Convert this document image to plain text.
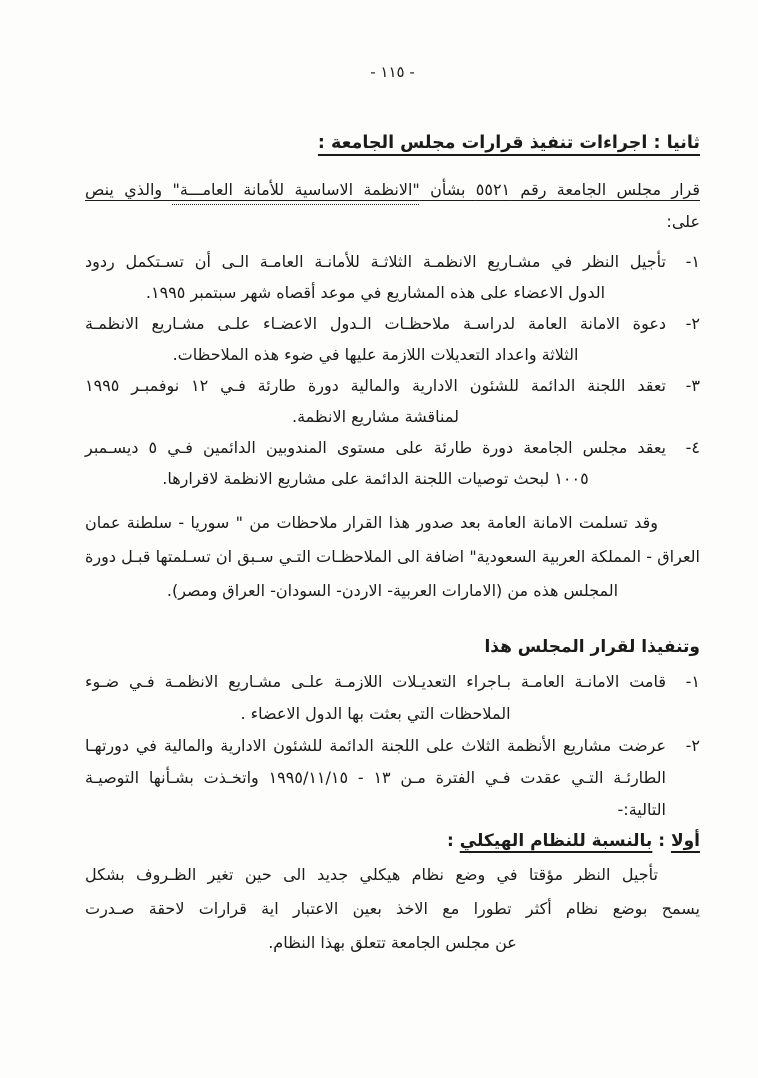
- ١١٥ -
ثانيا : اجراءات تنفيذ قرارات مجلس الجامعة :
قرار مجلس الجامعة رقم ٥٥٢١ بشأن "الانظمة الاساسية للأمانة العامـــة" والذي ينص
على:
١-
تأجيل النظر في مشـاريع الانظمـة الثلاثـة للأمانـة العامـة الـى أن تسـتكمل ردود
الدول الاعضاء على هذه المشاريع في موعد أقصاه شهر سبتمبر ١٩٩٥.
٢-
دعوة الامانة العامة لدراسـة ملاحظـات الـدول الاعضـاء علـى مشـاريع الانظمـة
الثلاثة واعداد التعديلات اللازمة عليها في ضوء هذه الملاحظات.
٣-
تعقد اللجنة الدائمة للشئون الادارية والمالية دورة طارئة فـي ١٢ نوفمبـر ١٩٩٥
لمناقشة مشاريع الانظمة.
٤-
يعقد مجلس الجامعة دورة طارئة على مستوى المندوبين الدائمين فـي ٥ ديسـمبر
١٠٠٥ لبحث توصيات اللجنة الدائمة على مشاريع الانظمة لاقرارها.
وقد تسلمت الامانة العامة بعد صدور هذا القرار ملاحظات من " سوريا - سلطنة عمان
العراق - المملكة العربية السعودية" اضافة الى الملاحظـات التـي سـبق ان تسـلمتها قبـل دورة
المجلس هذه من (الامارات العربية- الاردن- السودان- العراق ومصر).
وتنفيذا لقرار المجلس هذا
١-
قامت الامانـة العامـة بـاجراء التعديـلات اللازمـة علـى مشـاريع الانظمـة فـي ضـوء
الملاحظات التي بعثت بها الدول الاعضاء .
٢-
عرضت مشاريع الأنظمة الثلاث على اللجنة الدائمة للشئون الادارية والمالية في دورتهـا
الطارئـة التـي عقدت فـي الفترة مـن ١٣ - ١٩٩٥/١١/١٥ واتخـذت بشـأنها التوصيـة
التالية:-
أولا : بالنسبة للنظام الهيكلي :
تأجيل النظر مؤقتا في وضع نظام هيكلي جديد الى حين تغير الظـروف بشكل
يسمح بوضع نظام أكثر تطورا مع الاخذ بعين الاعتبار اية قرارات لاحقة صـدرت
عن مجلس الجامعة تتعلق بهذا النظام.
